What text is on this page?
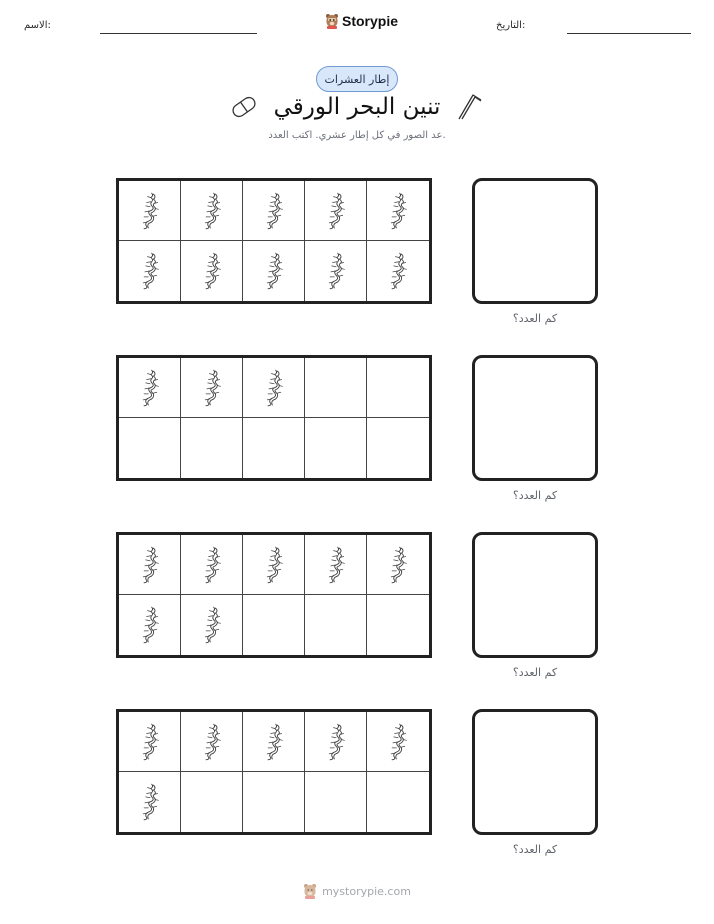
الاسم:	التاريخ:
Storypie
إطار العشرات
تنين البحر الورقي
عد الصور في كل إطار عشري. اكتب العدد.
كم العدد؟
كم العدد؟
كم العدد؟
كم العدد؟
mystorypie.com
